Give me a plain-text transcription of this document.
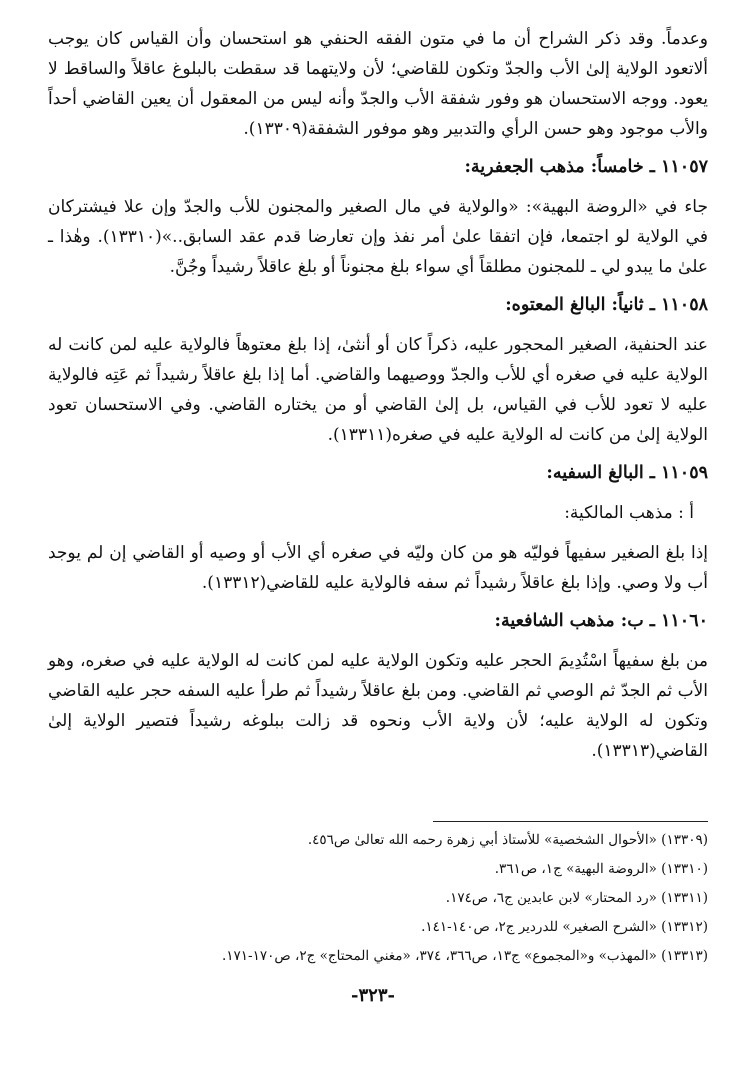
وعدماً. وقد ذكر الشراح أن ما في متون الفقه الحنفي هو استحسان وأن القياس كان يوجب ألاتعود الولاية إلىٰ الأب والجدّ وتكون للقاضي؛ لأن ولايتهما قد سقطت بالبلوغ عاقلاً والساقط لا يعود. ووجه الاستحسان هو وفور شفقة الأب والجدّ وأنه ليس من المعقول أن يعين القاضي أحداً والأب موجود وهو حسن الرأي والتدبير وهو موفور الشفقة(١٣٣٠٩).

١١٠٥٧ ـ خامساً: مذهب الجعفرية:

جاء في «الروضة البهية»: «والولاية في مال الصغير والمجنون للأب والجدّ وإن علا فيشتركان في الولاية لو اجتمعا، فإن اتفقا علىٰ أمر نفذ وإن تعارضا قدم عقد السابق..»(١٣٣١٠). وهٰذا ـ علىٰ ما يبدو لي ـ للمجنون مطلقاً أي سواء بلغ مجنوناً أو بلغ عاقلاً رشيداً وجُنَّ.

١١٠٥٨ ـ ثانياً: البالغ المعتوه:

عند الحنفية، الصغير المحجور عليه، ذكراً كان أو أنثىٰ، إذا بلغ معتوهاً فالولاية عليه لمن كانت له الولاية عليه في صغره أي للأب والجدّ ووصيهما والقاضي. أما إذا بلغ عاقلاً رشيداً ثم عَتِه فالولاية عليه لا تعود للأب في القياس، بل إلىٰ القاضي أو من يختاره القاضي. وفي الاستحسان تعود الولاية إلىٰ من كانت له الولاية عليه في صغره(١٣٣١١).

١١٠٥٩ ـ البالغ السفيه:

أ : مذهب المالكية:

إذا بلغ الصغير سفيهاً فوليّه هو من كان وليّه في صغره أي الأب أو وصيه أو القاضي إن لم يوجد أب ولا وصي. وإذا بلغ عاقلاً رشيداً ثم سفه فالولاية عليه للقاضي(١٣٣١٢).

١١٠٦٠ ـ ب: مذهب الشافعية:

من بلغ سفيهاً اسْتُدِيمَ الحجر عليه وتكون الولاية عليه لمن كانت له الولاية عليه في صغره، وهو الأب ثم الجدّ ثم الوصي ثم القاضي. ومن بلغ عاقلاً رشيداً ثم طرأ عليه السفه حجر عليه القاضي وتكون له الولاية عليه؛ لأن ولاية الأب ونحوه قد زالت ببلوغه رشيداً فتصير الولاية إلىٰ القاضي(١٣٣١٣).

(١٣٣٠٩) «الأحوال الشخصية» للأستاذ أبي زهرة رحمه الله تعالىٰ ص٤٥٦.

(١٣٣١٠) «الروضة البهية» ج١، ص٣٦١.

(١٣٣١١) «رد المحتار» لابن عابدين ج٦، ص١٧٤.

(١٣٣١٢) «الشرح الصغير» للدردير ج٢، ص١٤٠-١٤١.

(١٣٣١٣) «المهذب» و«المجموع» ج١٣، ص٣٦٦، ٣٧٤، «مغني المحتاج» ج٢، ص١٧٠-١٧١.

-٣٢٣-
